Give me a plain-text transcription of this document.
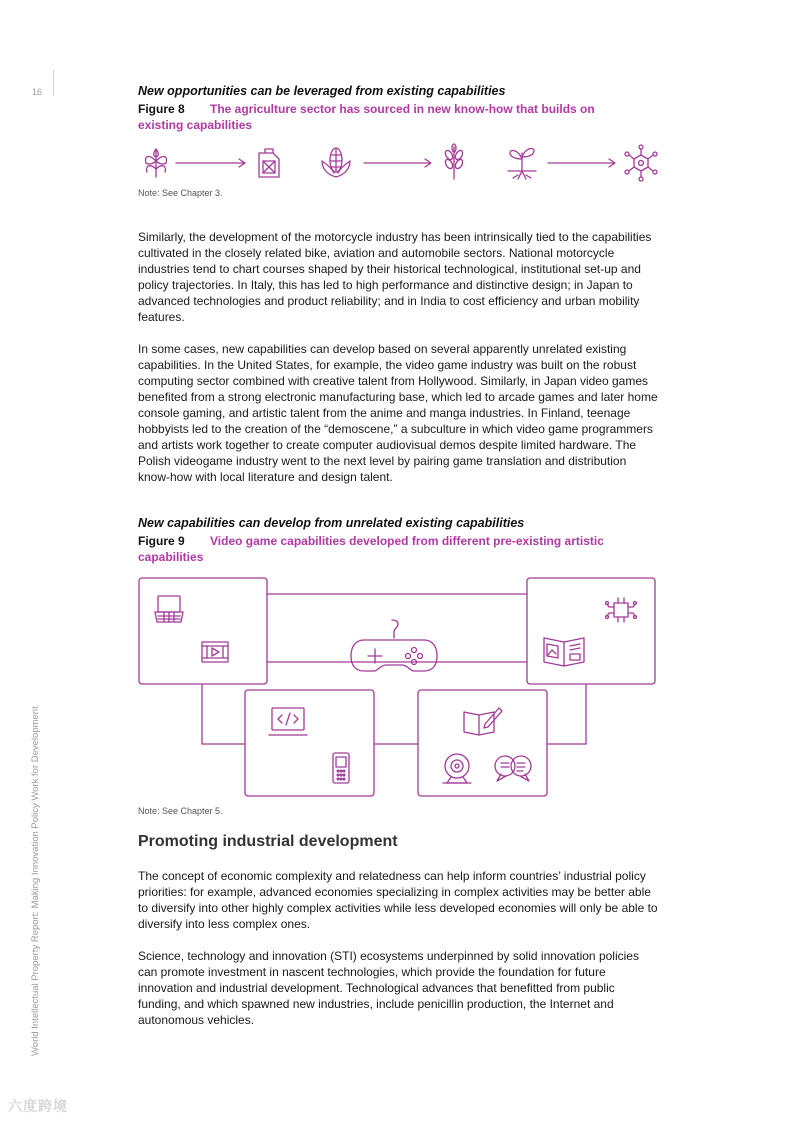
16
World Intellectual Property Report: Making Innovation Policy Work for Development
New opportunities can be leveraged from existing capabilities
Figure 8 The agriculture sector has sourced in new know-how that builds on existing capabilities
Note: See Chapter 3.

Similarly, the development of the motorcycle industry has been intrinsically tied to the capabilities cultivated in the closely related bike, aviation and automobile sectors. National motorcycle industries tend to chart courses shaped by their historical technological, institutional set-up and policy trajectories. In Italy, this has led to high performance and distinctive design; in Japan to advanced technologies and product reliability; and in India to cost efficiency and urban mobility features.

In some cases, new capabilities can develop based on several apparently unrelated existing capabilities. In the United States, for example, the video game industry was built on the robust computing sector combined with creative talent from Hollywood. Similarly, in Japan video games benefited from a strong electronic manufacturing base, which led to arcade games and later home console gaming, and artistic talent from the anime and manga industries. In Finland, teenage hobbyists led to the creation of the “demoscene,” a subculture in which video game programmers and artists work together to create computer audiovisual demos despite limited hardware. The Polish videogame industry went to the next level by pairing game translation and distribution know-how with local literature and design talent.

New capabilities can develop from unrelated existing capabilities
Figure 9 Video game capabilities developed from different pre-existing artistic capabilities
Note: See Chapter 5.
Promoting industrial development

The concept of economic complexity and relatedness can help inform countries’ industrial policy priorities: for example, advanced economies specializing in complex activities may be better able to diversify into other highly complex activities while less developed economies will only be able to diversify into less complex ones.

Science, technology and innovation (STI) ecosystems underpinned by solid innovation policies can promote investment in nascent technologies, which provide the foundation for future innovation and industrial development. Technological advances that benefitted from public funding, and which spawned new industries, include penicillin production, the Internet and autonomous vehicles.

六度跨境
